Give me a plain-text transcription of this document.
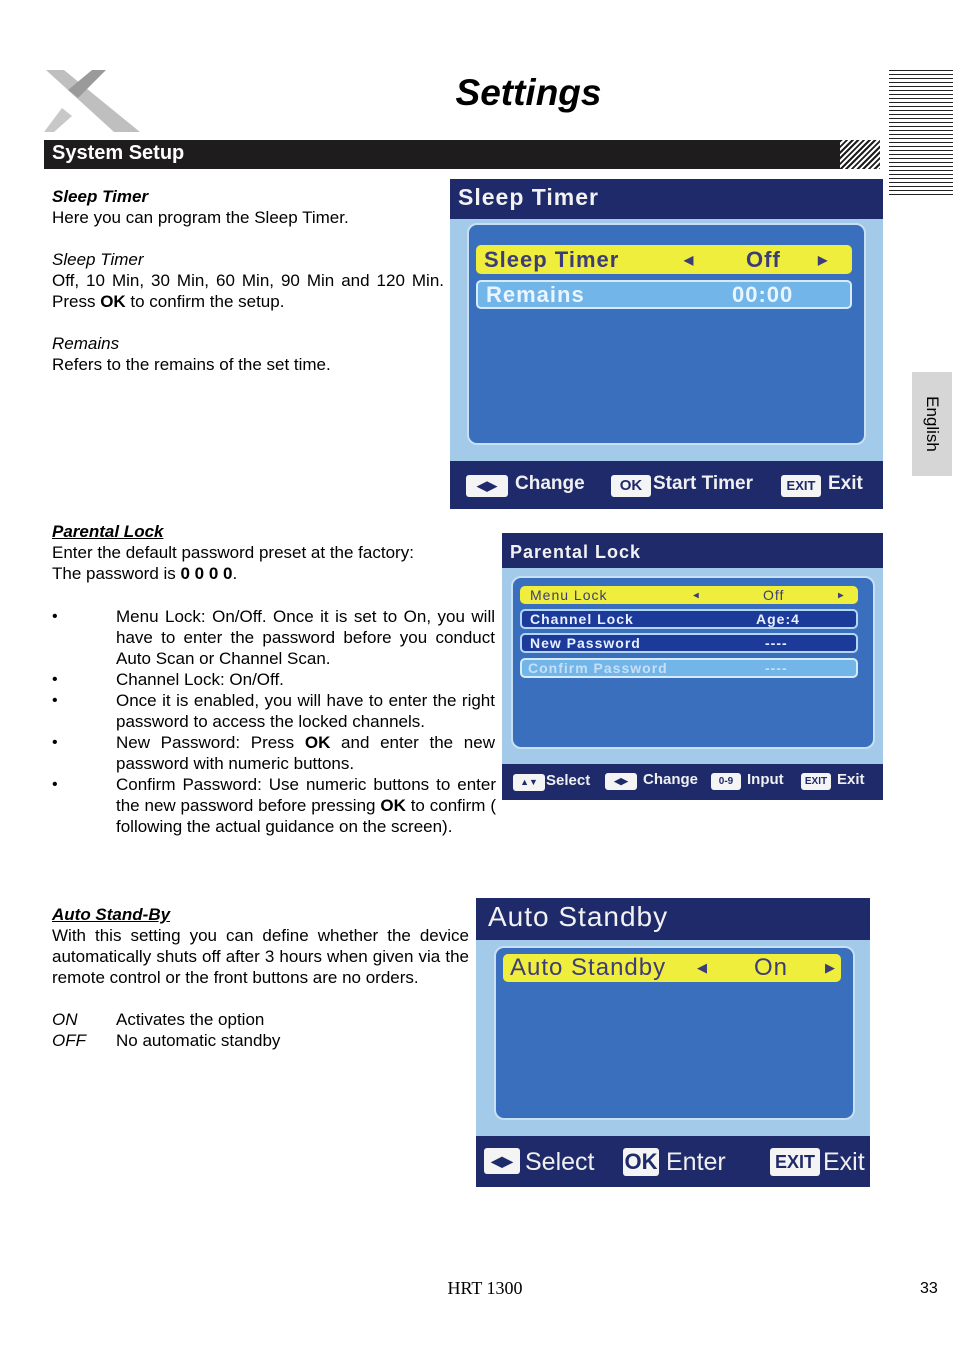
Settings
System Setup
English
Sleep Timer
Here you can program the Sleep Timer.
Sleep Timer
Off, 10 Min, 30 Min, 60 Min, 90 Min and 120 Min. Press OK to confirm the setup.
Remains
Refers to the remains of the set time.
Sleep Timer
Sleep Timer	◀ Off	▶
Remains	00:00
◀▶ Change	OK Start Timer	EXIT Exit
Parental Lock
Enter the default password preset at the factory:
The password is 0 0 0 0.
•	Menu Lock: On/Off. Once it is set to On, you will have to enter the password before you conduct Auto Scan or Channel Scan.
•	Channel Lock: On/Off.
•	Once it is enabled, you will have to enter the right password to access the locked channels.
•	New Password: Press OK and enter the new password with numeric buttons.
•	Confirm Password: Use numeric buttons to enter the new password before pressing OK to confirm ( following the actual guidance on the screen).
Parental Lock
Menu Lock	◀	Off	▶
Channel Lock	Age:4
New Password	----
Confirm Password	----
▲▼ Select	◀▶	Change	0-9 Input	EXIT Exit
Auto Stand-By
With this setting you can define whether the device automatically shuts off after 3 hours when given via the remote control or the front buttons are no orders.
ON Activates the option
OFF No automatic standby
Auto Standby
Auto Standby ◀ On	▶
◀▶ Select OK Enter	EXIT Exit
HRT 1300	33
